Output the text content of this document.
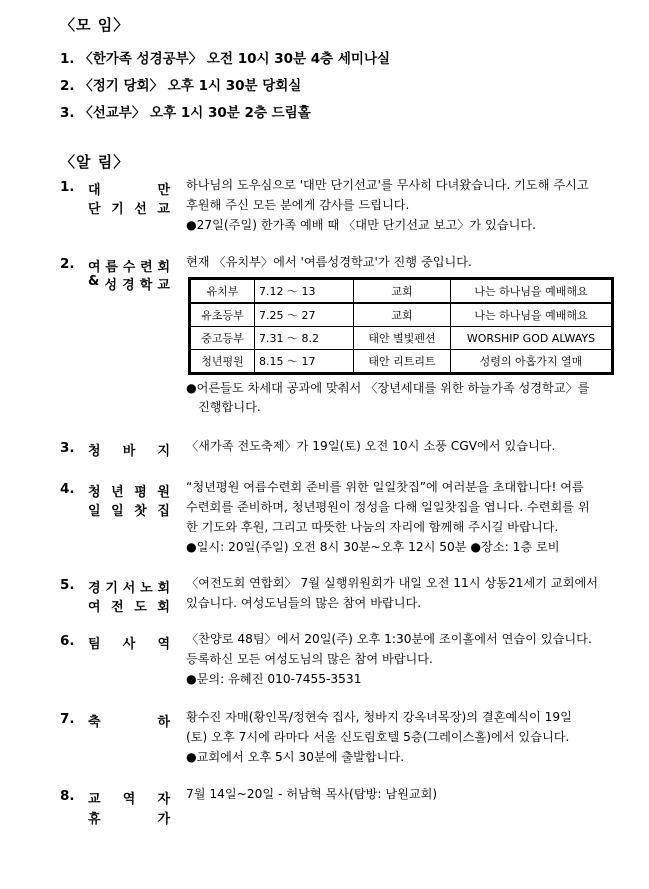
〈모 임〉
1. 〈한가족 성경공부〉 오전 10시 30분 4층 세미나실
2. 〈정기 당회〉 오후 1시 30분 당회실
3. 〈선교부〉 오후 1시 30분 2층 드림홀
〈알 림〉
1. 대	만
단 기 선 교
하나님의 도우심으로 '대만 단기선교'를 무사히 다녀왔습니다. 기도해 주시고
후원해 주신 모든 분에게 감사를 드립니다.
●27일(주일) 한가족 예배 때 〈대만 단기선교 보고〉가 있습니다.
2. 여 름 수 련 회
& 성 경 학 교
현재 〈유치부〉에서 '여름성경학교'가 진행 중입니다.
유치부	7.12 ～ 13	교회	나는 하나님을 예배해요
유초등부	7.25 ～ 27	교회	나는 하나님을 예배해요
중고등부	7.31 ～ 8.2	태안 별빛펜션	WORSHIP GOD ALWAYS
청년평원	8.15 ～ 17	태안 리트리트	성령의 아홉가지 열매
●어른들도 차세대 공과에 맞춰서 〈장년세대를 위한 하늘가족 성경학교〉를
진행합니다.
3. 청 바 지 〈새가족 전도축제〉가 19일(토) 오전 10시 소풍 CGV에서 있습니다.
4. 청 년 평 원
일 일 찻 집
“청년평원 여름수련회 준비를 위한 일일찻집”에 여러분을 초대합니다! 여름
수련회를 준비하며, 청년평원이 정성을 다해 일일찻집을 엽니다. 수련회를 위
한 기도와 후원, 그리고 따뜻한 나눔의 자리에 함께해 주시길 바랍니다.
●일시: 20일(주일) 오전 8시 30분~오후 12시 50분 ●장소: 1층 로비
5. 경 기 서 노 회
여 전 도 회
〈여전도회 연합회〉 7월 실행위원회가 내일 오전 11시 상동21세기 교회에서
있습니다. 여성도님들의 많은 참여 바랍니다.
6. 팀 사 역 〈찬양로 48팀〉에서 20일(주) 오후 1:30분에 조이홀에서 연습이 있습니다.
등록하신 모든 여성도님의 많은 참여 바랍니다.
●문의: 유혜진 010-7455-3531
7. 축	하 황수진 자매(황인목/정현숙 집사, 청바지 강옥녀목장)의 결혼예식이 19일
(토) 오후 7시에 라마다 서울 신도림호텔 5층(그레이스홀)에서 있습니다.
●교회에서 오후 5시 30분에 출발합니다.
8. 교 역 자
휴	가
7월 14일~20일 - 허남혁 목사(탐방: 남원교회)
